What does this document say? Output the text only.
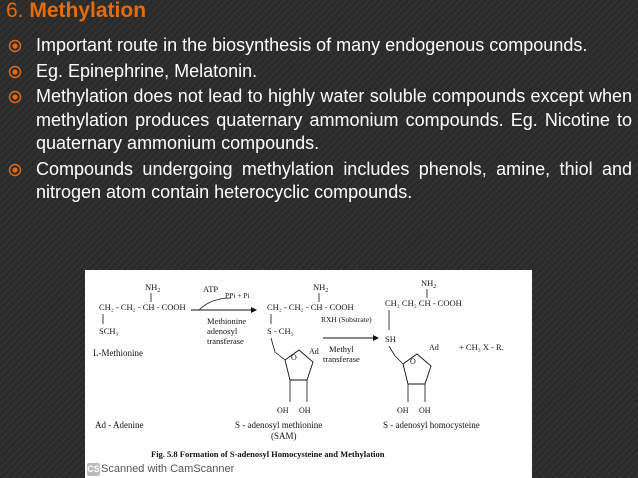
6. Methylation
Important route in the biosynthesis of many endogenous compounds.
Eg. Epinephrine, Melatonin.
Methylation does not lead to highly water soluble compounds except when methylation produces quaternary ammonium compounds. Eg. Nicotine to quaternary ammonium compounds.
Compounds undergoing methylation includes phenols, amine, thiol and nitrogen atom contain heterocyclic compounds.
$NH_2$
CH₂ - CH₂ - CH - COOH
SCH₃
L-Methionine
ATP
PPi + Pi
Methionine
adenosyl
transferase
$NH_2$
CH₂ - CH₂ - CH - COOH
S - CH₃
O
Ad
OH OH
RXH (Substrate)
Methyl
transferase
$NH_2$
CH₂ CH₂ CH - COOH
SH
+ CH₃ X - R.
O
Ad
OH OH
Ad - Adenine	S - adenosyl methionine
(SAM)
S - adenosyl homocysteine
Fig. 5.8 Formation of S-adenosyl Homocysteine and Methylation
CSScanned with CamScanner
